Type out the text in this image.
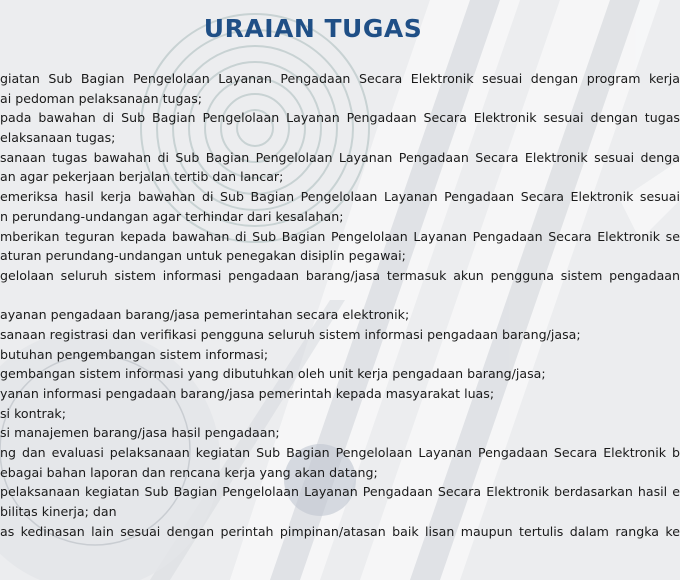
URAIAN TUGAS
giatan Sub Bagian Pengelolaan Layanan Pengadaan Secara Elektronik sesuai dengan program kerja
ai pedoman pelaksanaan tugas;
pada bawahan di Sub Bagian Pengelolaan Layanan Pengadaan Secara Elektronik sesuai dengan tugas
elaksanaan tugas;
sanaan tugas bawahan di Sub Bagian Pengelolaan Layanan Pengadaan Secara Elektronik sesuai denga
an agar pekerjaan berjalan tertib dan lancar;
emeriksa hasil kerja bawahan di Sub Bagian Pengelolaan Layanan Pengadaan Secara Elektronik sesuai
n perundang-undangan agar terhindar dari kesalahan;
mberikan teguran kepada bawahan di Sub Bagian Pengelolaan Layanan Pengadaan Secara Elektronik se
aturan perundang-undangan untuk penegakan disiplin pegawai;
gelolaan seluruh sistem informasi pengadaan barang/jasa termasuk akun pengguna sistem pengadaan
ayanan pengadaan barang/jasa pemerintahan secara elektronik;
sanaan registrasi dan verifikasi pengguna seluruh sistem informasi pengadaan barang/jasa;
butuhan pengembangan sistem informasi;
gembangan sistem informasi yang dibutuhkan oleh unit kerja pengadaan barang/jasa;
yanan informasi pengadaan barang/jasa pemerintah kepada masyarakat luas;
si kontrak;
si manajemen barang/jasa hasil pengadaan;
ng dan evaluasi pelaksanaan kegiatan Sub Bagian Pengelolaan Layanan Pengadaan Secara Elektronik b
ebagai bahan laporan dan rencana kerja yang akan datang;
pelaksanaan kegiatan Sub Bagian Pengelolaan Layanan Pengadaan Secara Elektronik berdasarkan hasil e
bilitas kinerja; dan
as kedinasan lain sesuai dengan perintah pimpinan/atasan baik lisan maupun tertulis dalam rangka ke
